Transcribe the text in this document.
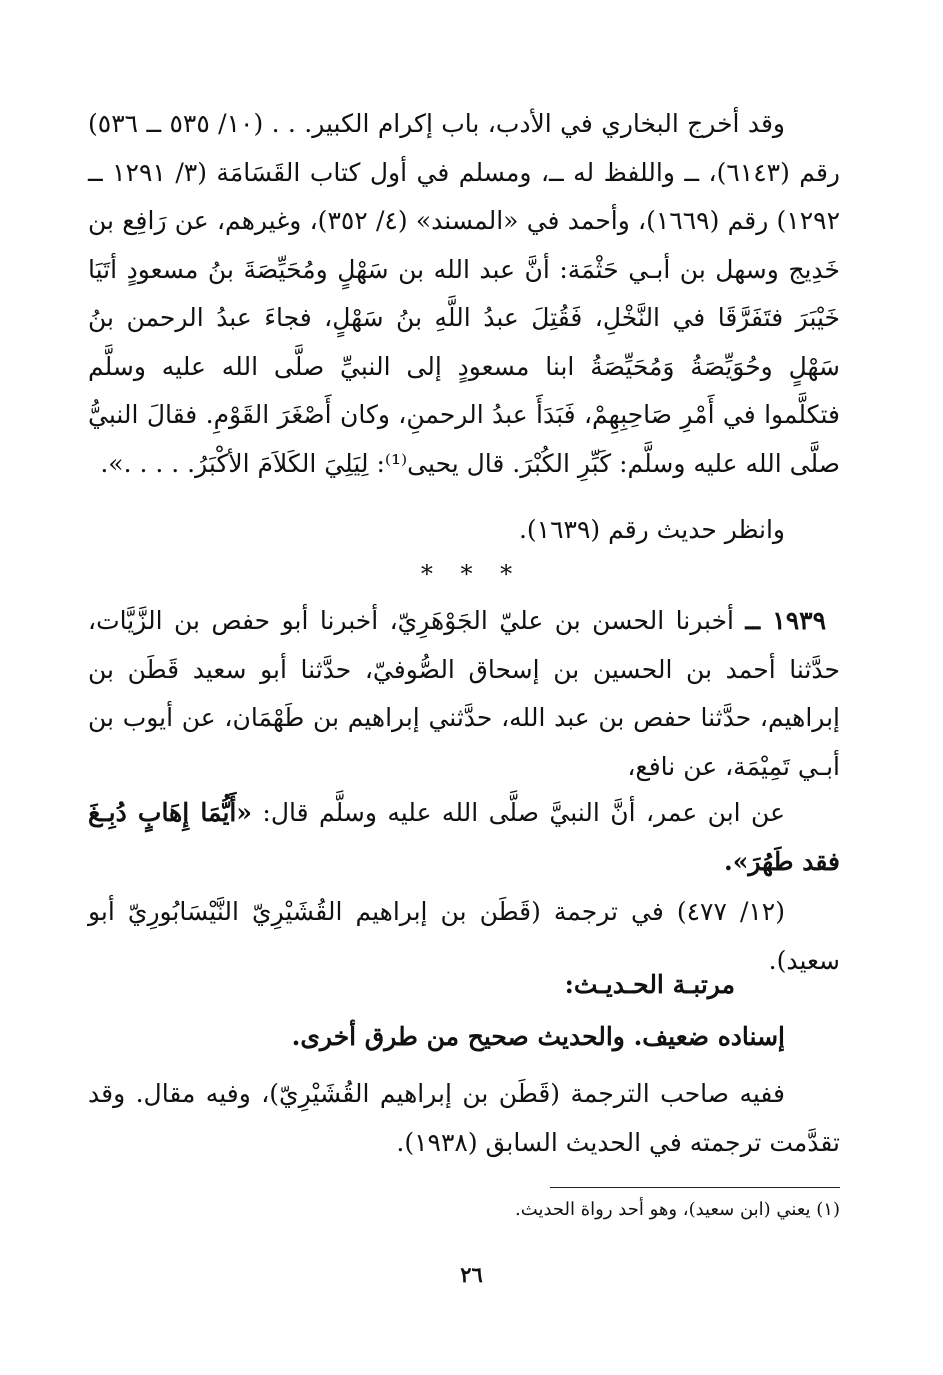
وقد أخرج البخاري في الأدب، باب إكرام الكبير. . . (١٠/ ٥٣٥ ــ ٥٣٦) رقم (٦١٤٣)، ــ واللفظ له ــ، ومسلم في أول كتاب القَسَامَة (٣/ ١٢٩١ ــ ١٢٩٢) رقم (١٦٦٩)، وأحمد في «المسند» (٤/ ٣٥٢)، وغيرهم، عن رَافِع بن خَدِيج وسهل بن أبـي حَثْمَة: أنَّ عبد الله بن سَهْلٍ ومُحَيِّصَةَ بنُ مسعودٍ أتَيَا خَيْبَرَ فتَفَرَّقَا في النَّخْلِ، فَقُتِلَ عبدُ اللَّهِ بنُ سَهْلٍ، فجاءَ عبدُ الرحمن بنُ سَهْلٍ وحُوَيِّصَةُ وَمُحَيِّصَةُ ابنا مسعودٍ إلى النبيِّ صلَّى الله عليه وسلَّم فتكلَّموا في أَمْرِ صَاحِبِهِمْ، فَبَدَأَ عبدُ الرحمنِ، وكان أَصْغَرَ القَوْمِ. فقالَ النبيُّ صلَّى الله عليه وسلَّم: كَبِّرِ الكُبْرَ. قال يحيى⁽¹⁾: لِيَلِيَ الكَلاَمَ الأكْبَرُ. . . . .».

وانظر حديث رقم (١٦٣٩).

* * *

١٩٣٩ ــ أخبرنا الحسن بن عليّ الجَوْهَرِيّ، أخبرنا أبو حفص بن الزَّيَّات، حدَّثنا أحمد بن الحسين بن إسحاق الصُّوفيّ، حدَّثنا أبو سعيد قَطَن بن إبراهيم، حدَّثنا حفص بن عبد الله، حدَّثني إبراهيم بن طَهْمَان، عن أيوب بن أبـي تَمِيْمَة، عن نافع،

عن ابن عمر، أنَّ النبيَّ صلَّى الله عليه وسلَّم قال: «أَيُّمَا إِهَابٍ دُبِـغَ فقد طَهُرَ».

(١٢/ ٤٧٧) في ترجمة (قَطَن بن إبراهيم القُشَيْرِيّ النَّيْسَابُورِيّ أبو سعيد).

مرتبـة الحـديـث:

إسناده ضعيف. والحديث صحيح من طرق أخرى.

ففيه صاحب الترجمة (قَطَن بن إبراهيم القُشَيْرِيّ)، وفيه مقال. وقد تقدَّمت ترجمته في الحديث السابق (١٩٣٨).

(١) يعني (ابن سعيد)، وهو أحد رواة الحديث.

٢٦
